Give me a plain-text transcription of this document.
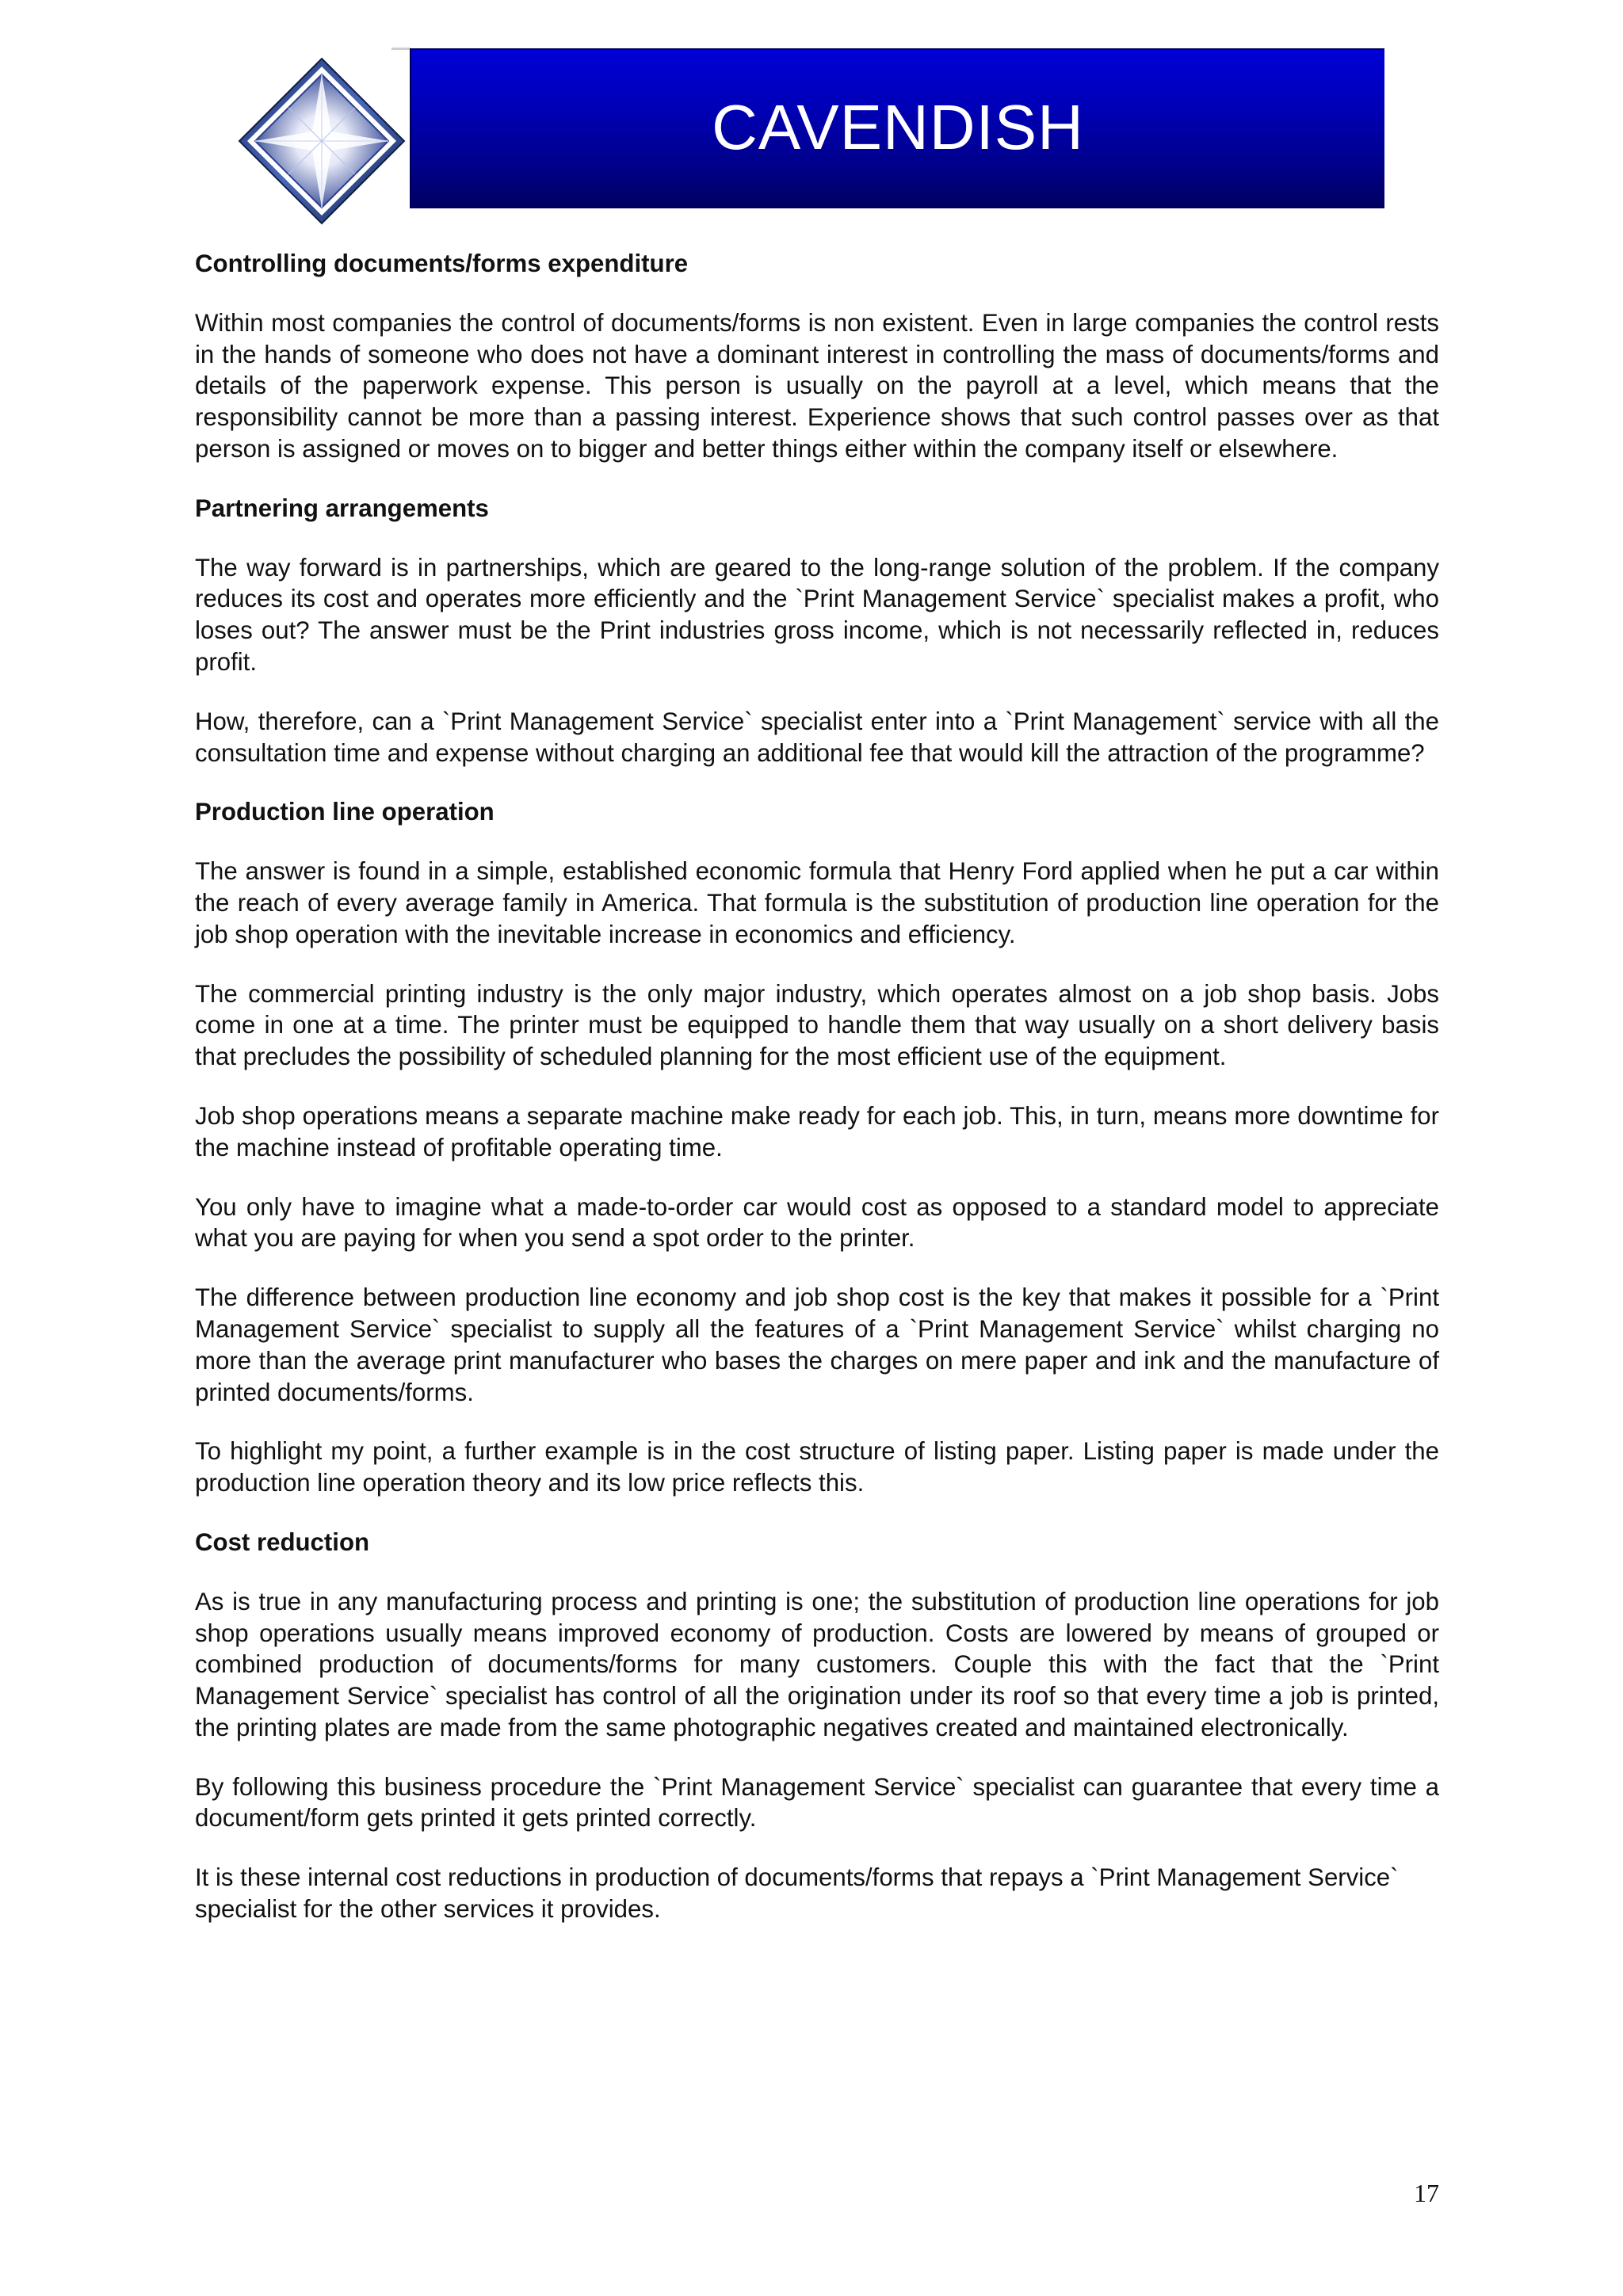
CAVENDISH
Controlling documents/forms expenditure

Within most companies the control of documents/forms is non existent. Even in large companies the control rests in the hands of someone who does not have a dominant interest in controlling the mass of documents/forms and details of the paperwork expense. This person is usually on the payroll at a level, which means that the responsibility cannot be more than a passing interest. Experience shows that such control passes over as that person is assigned or moves on to bigger and better things either within the company itself or elsewhere.

Partnering arrangements

The way forward is in partnerships, which are geared to the long-range solution of the problem. If the company reduces its cost and operates more efficiently and the `Print Management Service` specialist makes a profit, who loses out? The answer must be the Print industries gross income, which is not necessarily reflected in, reduces profit.

How, therefore, can a `Print Management Service` specialist enter into a `Print Management` service with all the consultation time and expense without charging an additional fee that would kill the attraction of the programme?

Production line operation

The answer is found in a simple, established economic formula that Henry Ford applied when he put a car within the reach of every average family in America. That formula is the substitution of production line operation for the job shop operation with the inevitable increase in economics and efficiency.

The commercial printing industry is the only major industry, which operates almost on a job shop basis. Jobs come in one at a time. The printer must be equipped to handle them that way usually on a short delivery basis that precludes the possibility of scheduled planning for the most efficient use of the equipment.

Job shop operations means a separate machine make ready for each job. This, in turn, means more downtime for the machine instead of profitable operating time.

You only have to imagine what a made-to-order car would cost as opposed to a standard model to appreciate what you are paying for when you send a spot order to the printer.

The difference between production line economy and job shop cost is the key that makes it possible for a `Print Management Service` specialist to supply all the features of a `Print Management Service` whilst charging no more than the average print manufacturer who bases the charges on mere paper and ink and the manufacture of printed documents/forms.

To highlight my point, a further example is in the cost structure of listing paper. Listing paper is made under the production line operation theory and its low price reflects this.

Cost reduction

As is true in any manufacturing process and printing is one; the substitution of production line operations for job shop operations usually means improved economy of production. Costs are lowered by means of grouped or combined production of documents/forms for many customers. Couple this with the fact that the `Print Management Service` specialist has control of all the origination under its roof so that every time a job is printed, the printing plates are made from the same photographic negatives created and maintained electronically.

By following this business procedure the `Print Management Service` specialist can guarantee that every time a document/form gets printed it gets printed correctly.

It is these internal cost reductions in production of documents/forms that repays a `Print Management Service` specialist for the other services it provides.

17
